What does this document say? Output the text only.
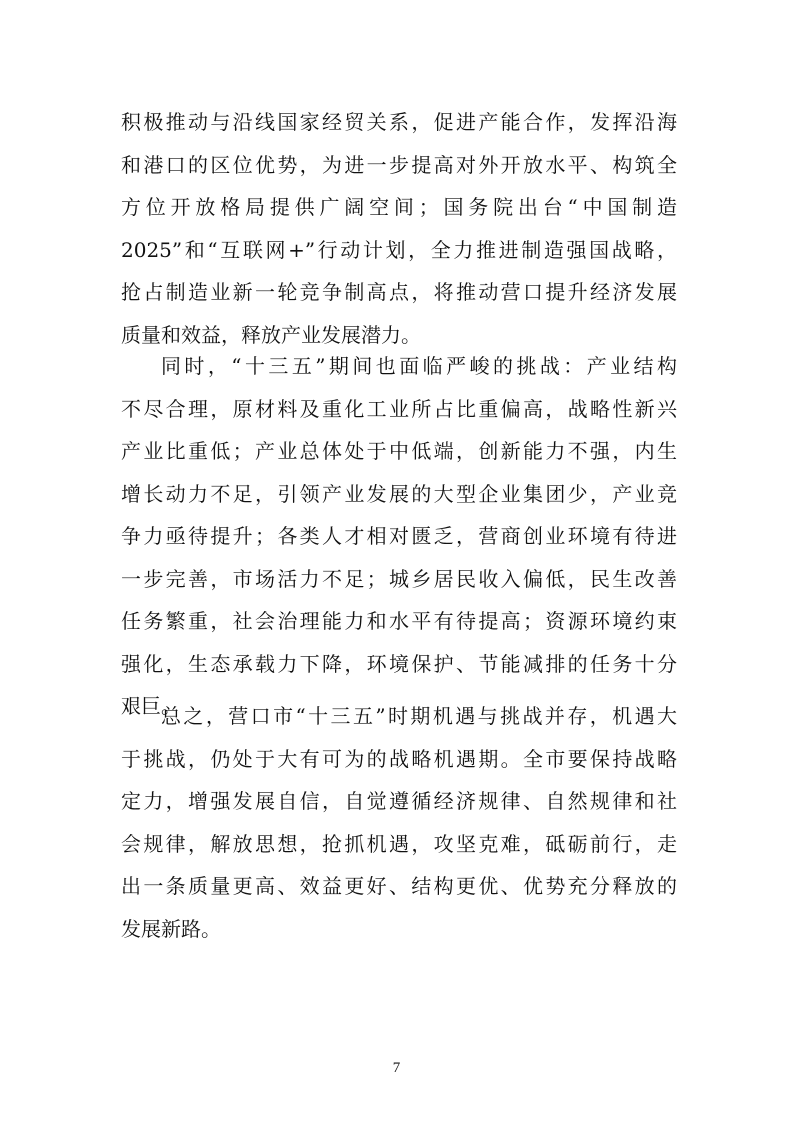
积极推动与沿线国家经贸关系，促进产能合作，发挥沿海
和港口的区位优势，为进一步提高对外开放水平、构筑全
方位开放格局提供广阔空间；国务院出台“中国制造
2025”和“互联网+”行动计划，全力推进制造强国战略，
抢占制造业新一轮竞争制高点，将推动营口提升经济发展
质量和效益，释放产业发展潜力。
同时，“十三五”期间也面临严峻的挑战：产业结构
不尽合理，原材料及重化工业所占比重偏高，战略性新兴
产业比重低；产业总体处于中低端，创新能力不强，内生
增长动力不足，引领产业发展的大型企业集团少，产业竞
争力亟待提升；各类人才相对匮乏，营商创业环境有待进
一步完善，市场活力不足；城乡居民收入偏低，民生改善
任务繁重，社会治理能力和水平有待提高；资源环境约束
强化，生态承载力下降，环境保护、节能减排的任务十分
艰巨。
总之，营口市“十三五”时期机遇与挑战并存，机遇大
于挑战，仍处于大有可为的战略机遇期。全市要保持战略
定力，增强发展自信，自觉遵循经济规律、自然规律和社
会规律，解放思想，抢抓机遇，攻坚克难，砥砺前行，走
出一条质量更高、效益更好、结构更优、优势充分释放的
发展新路。
7
